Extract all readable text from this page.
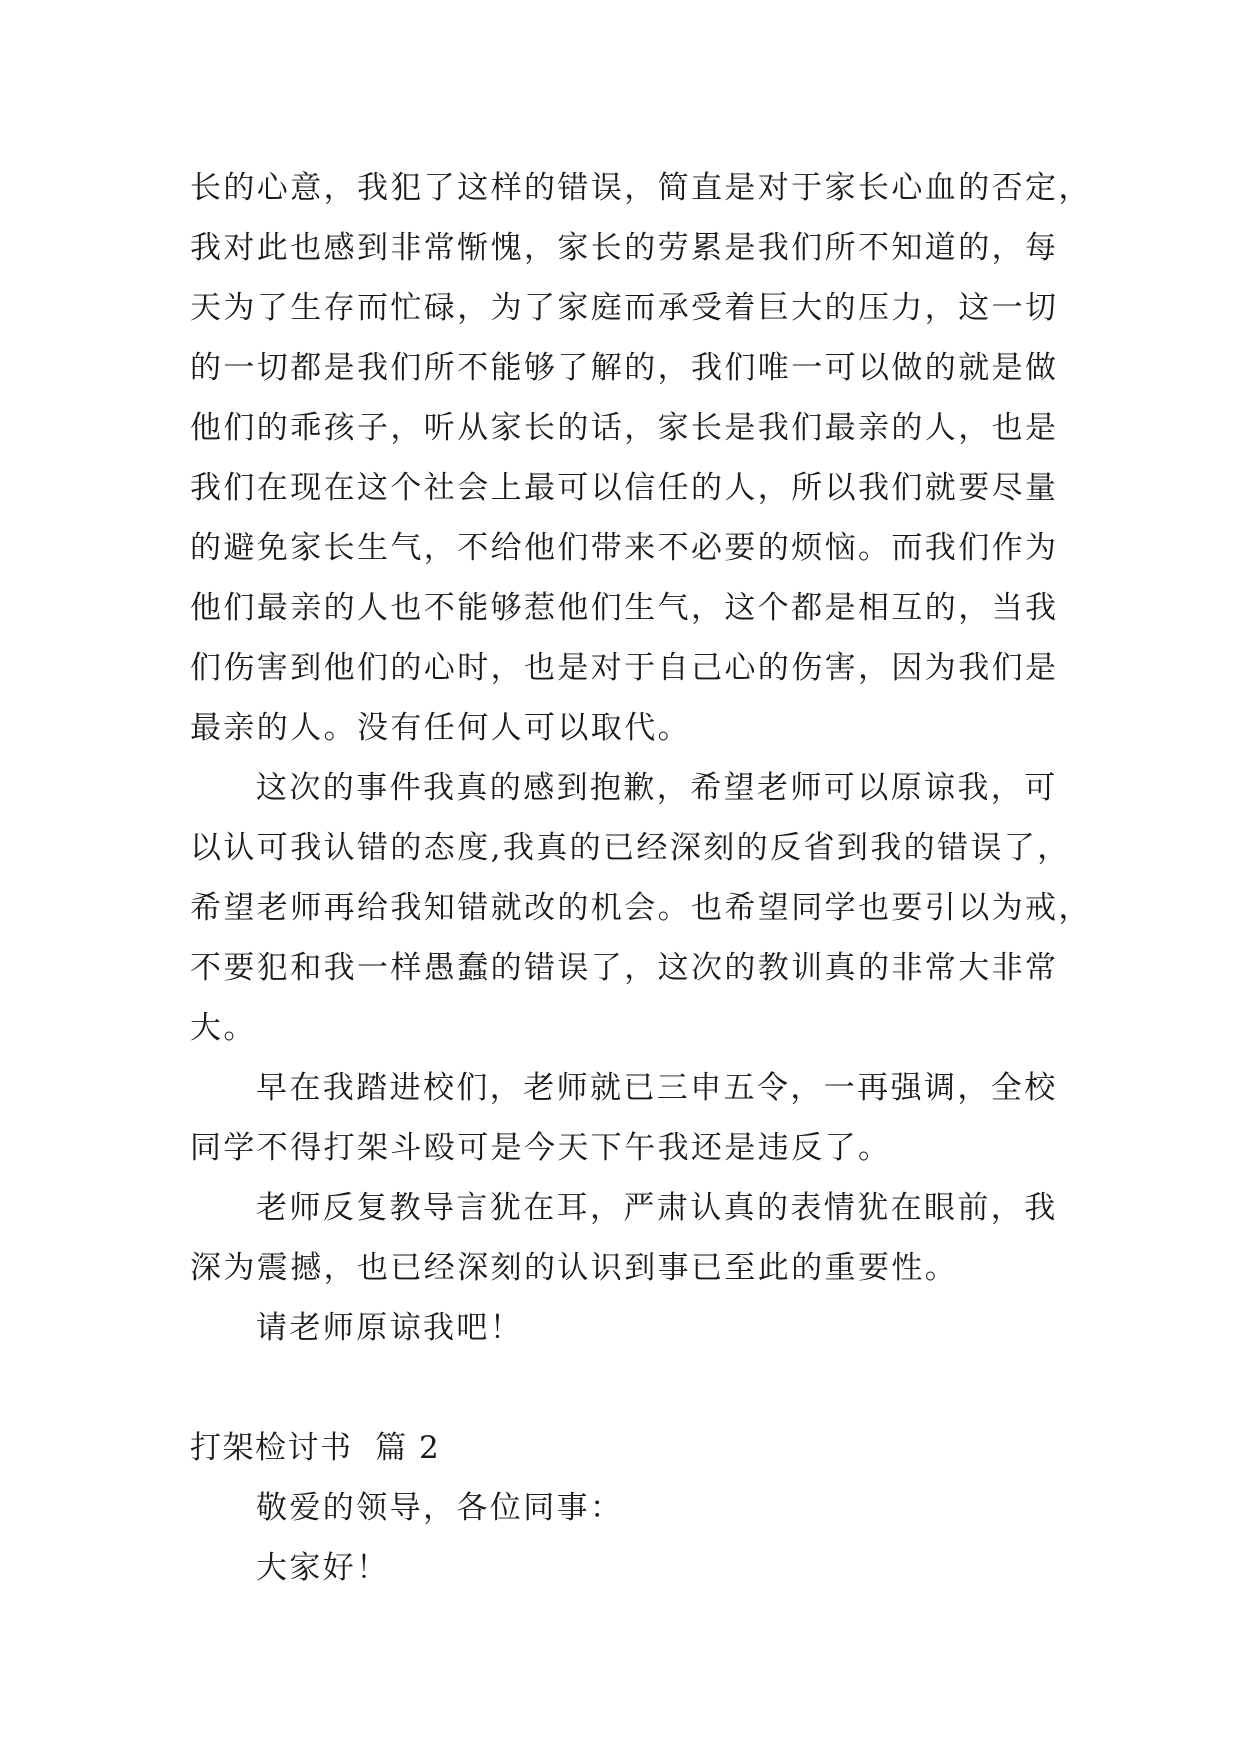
长的心意，我犯了这样的错误，简直是对于家长心血的否定，
我对此也感到非常惭愧，家长的劳累是我们所不知道的，每
天为了生存而忙碌，为了家庭而承受着巨大的压力，这一切
的一切都是我们所不能够了解的，我们唯一可以做的就是做
他们的乖孩子，听从家长的话，家长是我们最亲的人，也是
我们在现在这个社会上最可以信任的人，所以我们就要尽量
的避免家长生气，不给他们带来不必要的烦恼。而我们作为
他们最亲的人也不能够惹他们生气，这个都是相互的，当我
们伤害到他们的心时，也是对于自己心的伤害，因为我们是
最亲的人。没有任何人可以取代。
这次的事件我真的感到抱歉，希望老师可以原谅我，可
以认可我认错的态度,我真的已经深刻的反省到我的错误了，
希望老师再给我知错就改的机会。也希望同学也要引以为戒，
不要犯和我一样愚蠢的错误了，这次的教训真的非常大非常
大。
早在我踏进校们，老师就已三申五令，一再强调，全校
同学不得打架斗殴可是今天下午我还是违反了。
老师反复教导言犹在耳，严肃认真的表情犹在眼前，我
深为震撼，也已经深刻的认识到事已至此的重要性。
请老师原谅我吧！
打架检讨书  篇 2
敬爱的领导，各位同事：
大家好！
